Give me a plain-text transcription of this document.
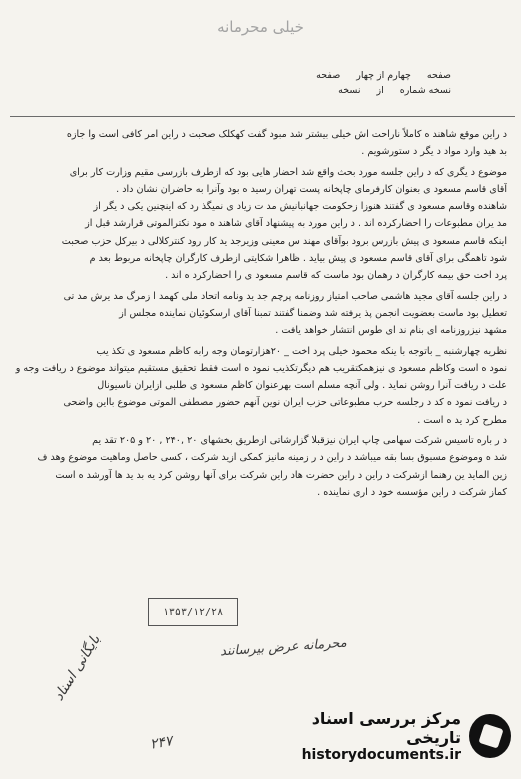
خیلی محرمانه
صفحه
چهارم از چهار
صفحه
نسخه شماره
از
نسخه

د راین موقع شاهند ه کاملاً ناراحت اش خیلی بیشتر شد مبود گفت کهکلک صحبت د راین امر کافی است وا جازه
بد هید وارد مواد د یگر د ستورشویم .

موضوع د یگری که د راین جلسه مورد بحث واقع شد احضار هایی بود که ازطرف بازرسی مقیم وزارت کار برای
آقای قاسم مسعود ی بعنوان کارفرمای چاپخانه پست تهران رسید ه بود وآنرا به حاضران نشان داد .
شاهنده وقاسم مسعود ی گفتند هنوزا زحکومت جهانبانیش مد ت زیاد ی نمیگذ رد که اینچنین یکی د یگر از
مد یران مطبوعات را احضارکرده اند . د راین مورد به پیشنهاد آقای شاهند ه مود نکترالموتی قرارشد قبل از
اینکه قاسم مسعود ی پیش بازرس برود بوآقای مهند س معینی وزیرجد ید کار رود کنترکلالی د بیرکل حزب صحبت
شود تاهمگی برای آقای قاسم مسعود ی پیش بیاید . ظاهرا شکایتی ازطرف کارگران چاپخانه مربوط بعد م
پرد اخت حق بیمه کارگران د رهمان بود ماست که قاسم مسعود ی را احضارکرد ه اند .

د راین جلسه آقای مجید هاشمی صاحب امتیاز روزنامه پرچم جد ید ونامه اتحاد ملی کهمد ا زمرگ مد یرش مد تی
تعطیل بود ماست بعضویت انجمن پذ یرفته شد وضمنا گفتند تمبنا آقای ارسکوئیان نماینده مجلس از
مشهد نیزروزنامه ای بنام ند ای طوس انتشار خواهد یافت .

نظریه چهارشنبه _ باتوجه با ینکه محمود خیلی پرد اخت _ ۲۰هزارتومان وجه رابه کاظم مسعود ی تکذ یب
نمود ه است وکاظم مسعود ی نیزهمکتقریب هم دیگرتکذیب نمود ه است فقط تحقیق مستقیم میتواند موضوع د ریافت وجه و
علت د ریافت آنرا روشن نماید . ولی آنچه مسلم است بهرعنوان کاظم مسعود ی طلبی ازایران ناسیونال
د ریافت نمود ه کد د رجلسه حرب مطبوعاتی حزب ایران نوین آنهم حضور مصطفی الموتی موضوع بااین واضحی
مطرح کرد ید ه است .

د ر باره تاسیس شرکت سهامی چاپ ایران نیزقبلا گزارشاتی ازطریق بخشهای ۲۰ ,۲۴۰ , ۲۰ و ۲۰۵ تقد یم
شد ه وموضوع مسبوق بسا بقه میباشد د راین د ر زمینه مانیز کمکی ازید شرکت ، کسی حاصل وماهیت موضوع وهد ف
زین الماید ین رهنما ازشرکت د راین د راین حضرت هاد راین شرکت برای آنها روشن کرد یه بد ید ها آورشد ه است
کماز شرکت د راین مؤسسه خود د اری نماینده .

۱۳۵۳/۱۲/۲۸
محرمانه عرض بیرسانند
بایگانی اسناد
۲۴۷
مرکز بررسی اسناد تاریخی
historydocuments.ir
